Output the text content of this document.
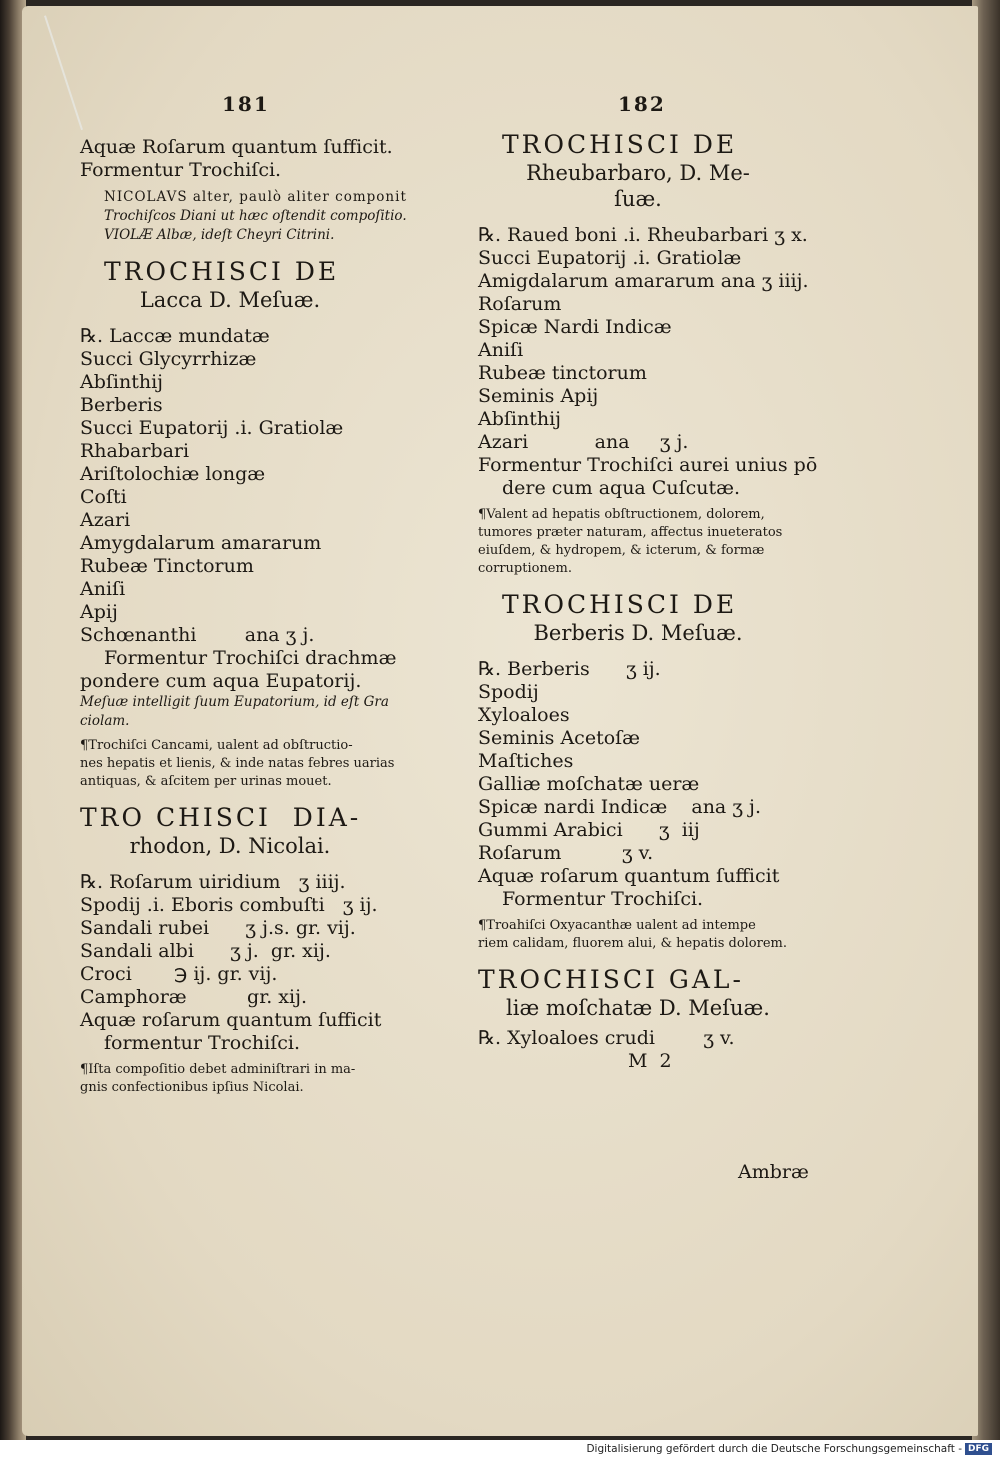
181
Aquæ Roſarum quantum ſufficit.
Formentur Trochiſci.
NICOLAVS alter, paulò aliter componit
Trochiſcos Diani ut hæc oſtendit compoſitio.
VIOLÆ Albæ, ideſt Cheyri Citrini.
TROCHISCI DE
Lacca D. Meſuæ.
℞. Laccæ mundatæ
Succi Glycyrrhizæ
Abſinthij
Berberis
Succi Eupatorij .i. Gratiolæ
Rhabarbari
Ariſtolochiæ longæ
Coſti
Azari
Amygdalarum amararum
Rubeæ Tinctorum
Aniſi
Apij
Schœnanthi        ana ʒ j.
Formentur Trochiſci drachmæ
pondere cum aqua Eupatorij.
Meſuæ intelligit ſuum Eupatorium, id eſt Gra
ciolam.
¶Trochiſci Cancami, ualent ad obſtructio-
nes hepatis et lienis, & inde natas febres uarias
antiquas, & aſcitem per urinas mouet.
TRO CHISCI  DIA-
rhodon, D. Nicolai.
℞. Roſarum uiridium   ʒ iiij.
Spodij .i. Eboris combuſti   ʒ ij.
Sandali rubei      ʒ j.s. gr. vij.
Sandali albi      ʒ j.  gr. xij.
Croci       ℈ ij. gr. vij.
Camphoræ          gr. xij.
Aquæ roſarum quantum ſufficit
formentur Trochiſci.
¶Iſta compoſitio debet adminiſtrari in ma-
gnis confectionibus ipſius Nicolai.
182
TROCHISCI DE
Rheubarbaro, D. Me-
ſuæ.
℞. Raued boni .i. Rheubarbari ʒ x.
Succi Eupatorij .i. Gratiolæ
Amigdalarum amararum ana ʒ iiij.
Roſarum
Spicæ Nardi Indicæ
Aniſi
Rubeæ tinctorum
Seminis Apij
Abſinthij
Azari           ana     ʒ j.
Formentur Trochiſci aurei unius pō
dere cum aqua Cuſcutæ.
¶Valent ad hepatis obſtructionem, dolorem,
tumores præter naturam, affectus inueteratos
eiuſdem, & hydropem, & icterum, & formæ
corruptionem.
TROCHISCI DE
Berberis D. Meſuæ.
℞. Berberis      ʒ ij.
Spodij
Xyloaloes
Seminis Acetoſæ
Maſtiches
Galliæ moſchatæ ueræ
Spicæ nardi Indicæ    ana ʒ j.
Gummi Arabici      ʒ  iij
Roſarum          ʒ v.
Aquæ roſarum quantum ſufficit
Formentur Trochiſci.
¶Troahiſci Oxyacanthæ ualent ad intempe
riem calidam, fluorem alui, & hepatis dolorem.
TROCHISCI GAL-
liæ moſchatæ D. Meſuæ.
℞. Xyloaloes crudi        ʒ v.
M  2
Ambræ
Digitalisierung gefördert durch die Deutsche Forschungsgemeinschaft - DFG
